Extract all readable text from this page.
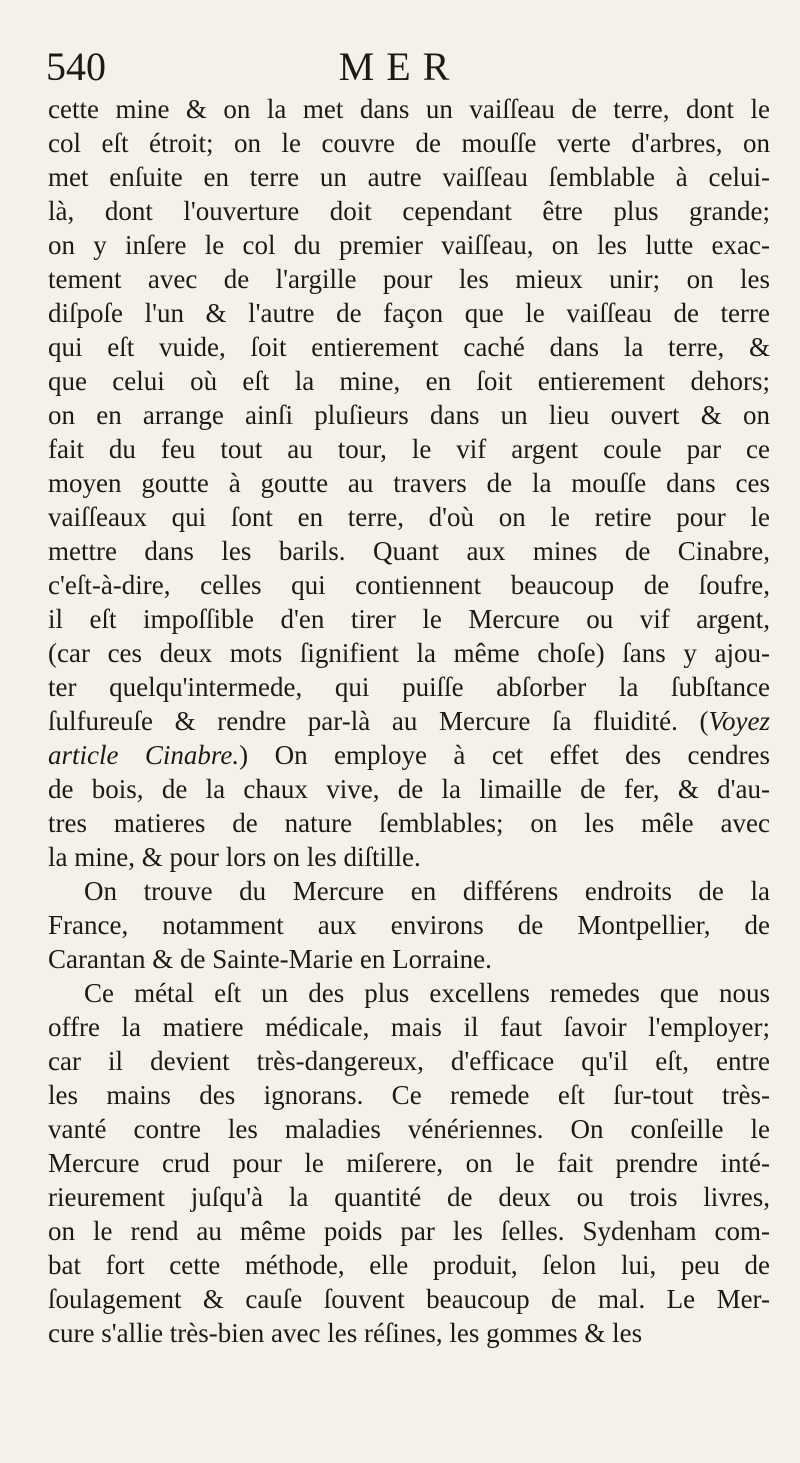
540	MER
cette mine & on la met dans un vaiſſeau de terre, dont le
col eſt étroit; on le couvre de mouſſe verte d'arbres, on
met enſuite en terre un autre vaiſſeau ſemblable à celui-
là, dont l'ouverture doit cependant être plus grande;
on y inſere le col du premier vaiſſeau, on les lutte exac-
tement avec de l'argille pour les mieux unir; on les
diſpoſe l'un & l'autre de façon que le vaiſſeau de terre
qui eſt vuide, ſoit entierement caché dans la terre, &
que celui où eſt la mine, en ſoit entierement dehors;
on en arrange ainſi pluſieurs dans un lieu ouvert & on
fait du feu tout au tour, le vif argent coule par ce
moyen goutte à goutte au travers de la mouſſe dans ces
vaiſſeaux qui ſont en terre, d'où on le retire pour le
mettre dans les barils. Quant aux mines de Cinabre,
c'eſt-à-dire, celles qui contiennent beaucoup de ſoufre,
il eſt impoſſible d'en tirer le Mercure ou vif argent,
(car ces deux mots ſignifient la même choſe) ſans y ajou-
ter quelqu'intermede, qui puiſſe abſorber la ſubſtance
ſulfureuſe & rendre par-là au Mercure ſa fluidité. (Voyez
article Cinabre.) On employe à cet effet des cendres
de bois, de la chaux vive, de la limaille de fer, & d'au-
tres matieres de nature ſemblables; on les mêle avec
la mine, & pour lors on les diſtille.
On trouve du Mercure en différens endroits de la
France, notamment aux environs de Montpellier, de
Carantan & de Sainte-Marie en Lorraine.
Ce métal eſt un des plus excellens remedes que nous
offre la matiere médicale, mais il faut ſavoir l'employer;
car il devient très-dangereux, d'efficace qu'il eſt, entre
les mains des ignorans. Ce remede eſt ſur-tout très-
vanté contre les maladies vénériennes. On conſeille le
Mercure crud pour le miſerere, on le fait prendre inté-
rieurement juſqu'à la quantité de deux ou trois livres,
on le rend au même poids par les ſelles. Sydenham com-
bat fort cette méthode, elle produit, ſelon lui, peu de
ſoulagement & cauſe ſouvent beaucoup de mal. Le Mer-
cure s'allie très-bien avec les réſines, les gommes & les
